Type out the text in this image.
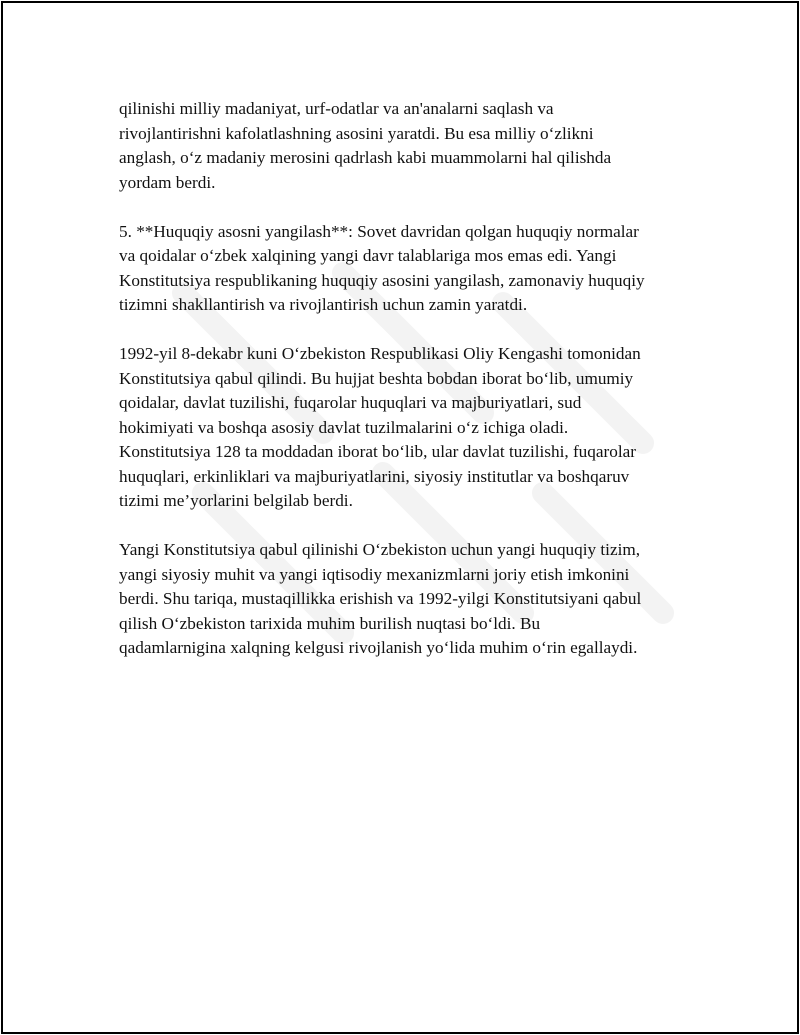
qilinishi milliy madaniyat, urf-odatlar va an'analarni saqlash va
rivojlantirishni kafolatlashning asosini yaratdi. Bu esa milliy o‘zlikni
anglash, o‘z madaniy merosini qadrlash kabi muammolarni hal qilishda
yordam berdi.

5. **Huquqiy asosni yangilash**: Sovet davridan qolgan huquqiy normalar
va qoidalar o‘zbek xalqining yangi davr talablariga mos emas edi. Yangi
Konstitutsiya respublikaning huquqiy asosini yangilash, zamonaviy huquqiy
tizimni shakllantirish va rivojlantirish uchun zamin yaratdi.

1992-yil 8-dekabr kuni O‘zbekiston Respublikasi Oliy Kengashi tomonidan
Konstitutsiya qabul qilindi. Bu hujjat beshta bobdan iborat bo‘lib, umumiy
qoidalar, davlat tuzilishi, fuqarolar huquqlari va majburiyatlari, sud
hokimiyati va boshqa asosiy davlat tuzilmalarini o‘z ichiga oladi.
Konstitutsiya 128 ta moddadan iborat bo‘lib, ular davlat tuzilishi, fuqarolar
huquqlari, erkinliklari va majburiyatlarini, siyosiy institutlar va boshqaruv
tizimi me’yorlarini belgilab berdi.

Yangi Konstitutsiya qabul qilinishi O‘zbekiston uchun yangi huquqiy tizim,
yangi siyosiy muhit va yangi iqtisodiy mexanizmlarni joriy etish imkonini
berdi. Shu tariqa, mustaqillikka erishish va 1992-yilgi Konstitutsiyani qabul
qilish O‘zbekiston tarixida muhim burilish nuqtasi bo‘ldi. Bu
qadamlarnigina xalqning kelgusi rivojlanish yo‘lida muhim o‘rin egallaydi.
